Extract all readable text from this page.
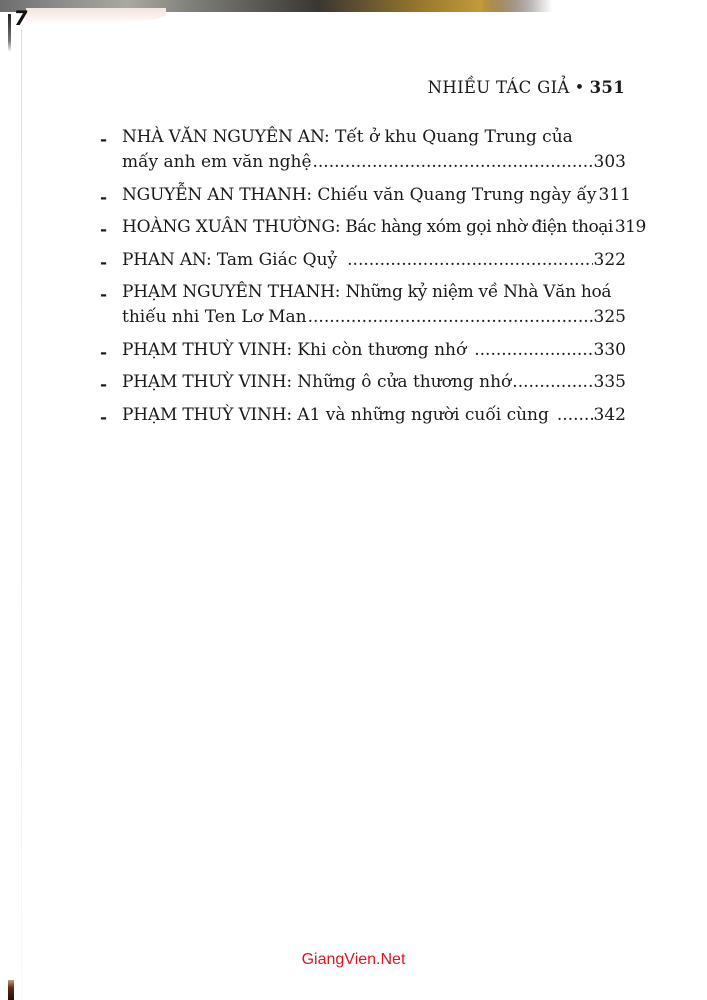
7
NHIỀU TÁC GIẢ • 351
- NHÀ VĂN NGUYÊN AN: Tết ở khu Quang Trung của
mấy anh em văn nghệ .....	303
- NGUYỄN AN THANH: Chiếu văn Quang Trung ngày ấy 311
- HOÀNG XUÂN THƯỜNG: Bác hàng xóm gọi nhờ điện thoại 319
- PHAN AN: Tam Giác Quỷ .....	322
- PHẠM NGUYÊN THANH: Những kỷ niệm về Nhà Văn hoá
thiếu nhi Ten Lơ Man .....	325
- PHẠM THUỲ VINH: Khi còn thương nhớ .....	330
- PHẠM THUỲ VINH: Những ô cửa thương nhớ .....	335
- PHẠM THUỲ VINH: A1 và những người cuối cùng .....	342
GiangVien.Net
